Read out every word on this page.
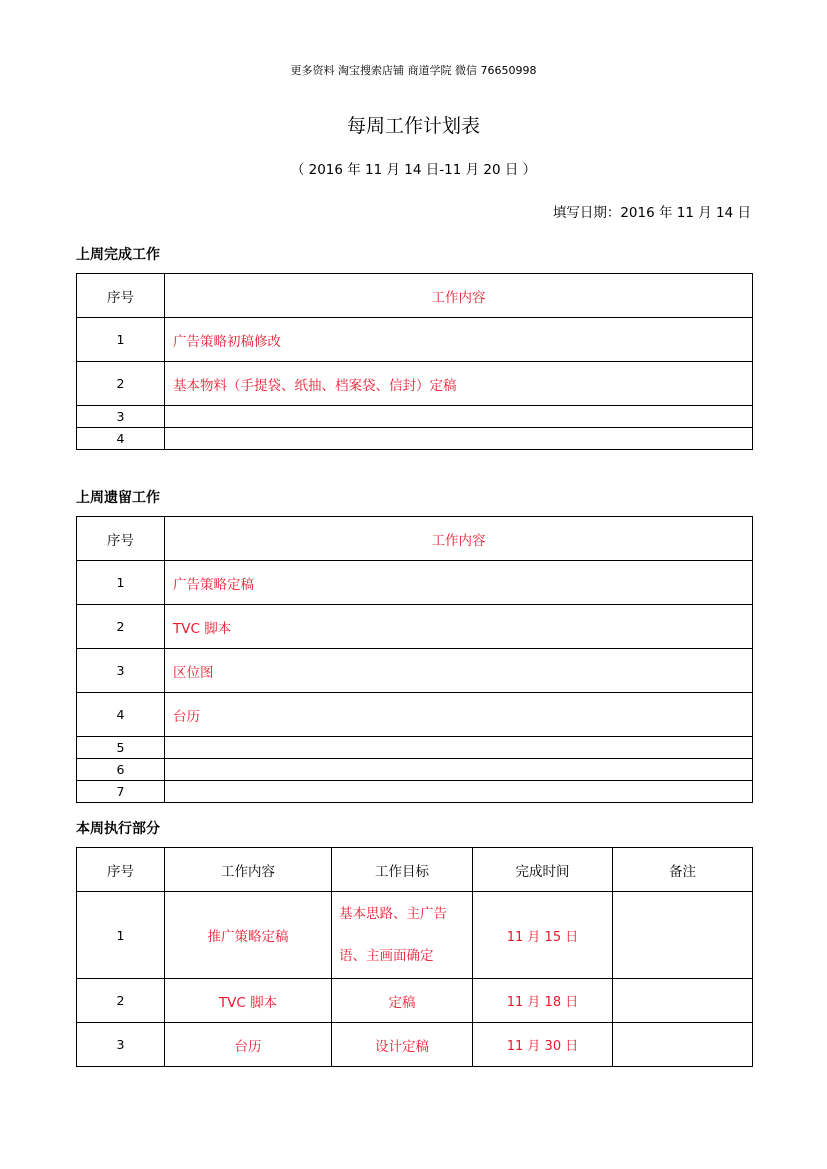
更多资料 淘宝搜索店铺 商道学院 微信 76650998
每周工作计划表
（ 2016 年 11 月 14 日-11 月 20 日 ）
填写日期：2016 年 11 月 14 日
上周完成工作
序号	工作内容
1	广告策略初稿修改
2	基本物料（手提袋、纸抽、档案袋、信封）定稿
3	
4	
上周遗留工作
序号	工作内容
1	广告策略定稿
2	TVC 脚本
3	区位图
4	台历
5	
6	
7	
本周执行部分
序号	工作内容	工作目标	完成时间	备注
1	推广策略定稿	基本思路、主广告语、主画面确定	11 月 15 日	
2	TVC 脚本	定稿	11 月 18 日	
3	台历	设计定稿	11 月 30 日	
